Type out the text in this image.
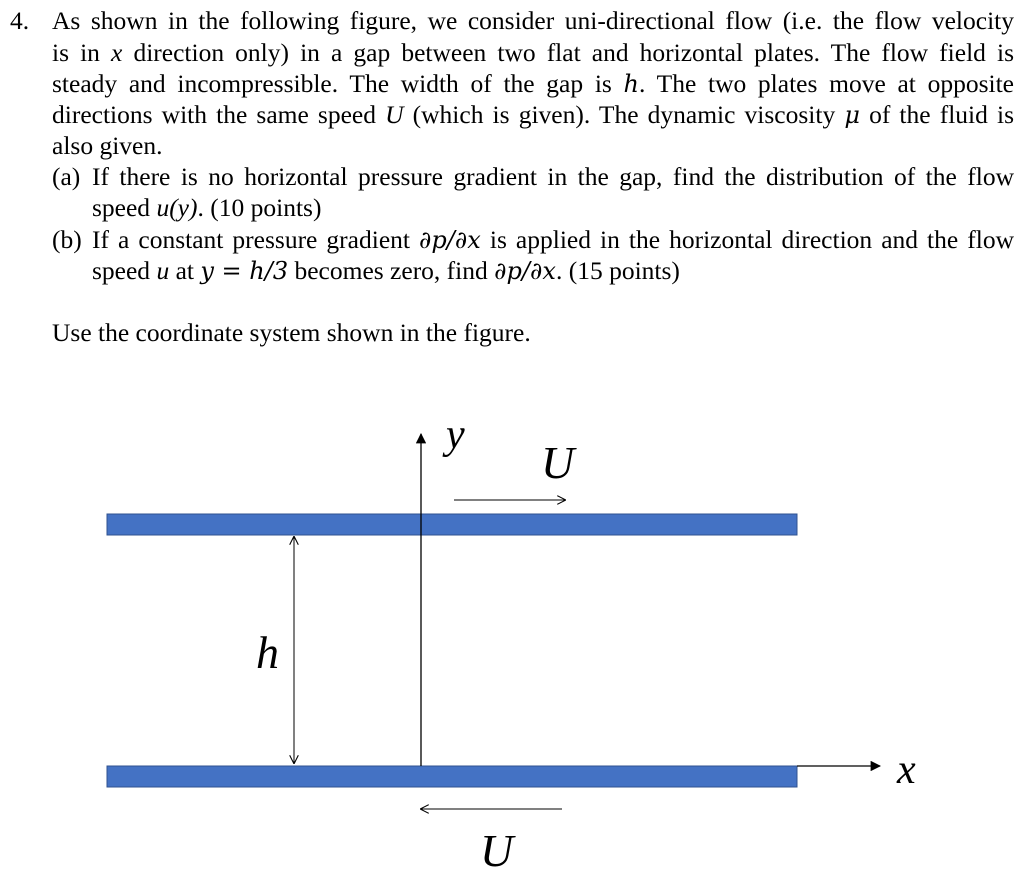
4. As shown in the following figure, we consider uni-directional flow (i.e. the flow velocity
is in x direction only) in a gap between two flat and horizontal plates. The flow field is
steady and incompressible. The width of the gap is h. The two plates move at opposite
directions with the same speed U (which is given). The dynamic viscosity μ of the fluid is
also given.
(a) If there is no horizontal pressure gradient in the gap, find the distribution of the flow
speed u(y). (10 points)
(b) If a constant pressure gradient ∂p/∂x is applied in the horizontal direction and the flow
speed u at y = h/3 becomes zero, find ∂p/∂x. (15 points)
Use the coordinate system shown in the figure.
y
x
U
U
h
